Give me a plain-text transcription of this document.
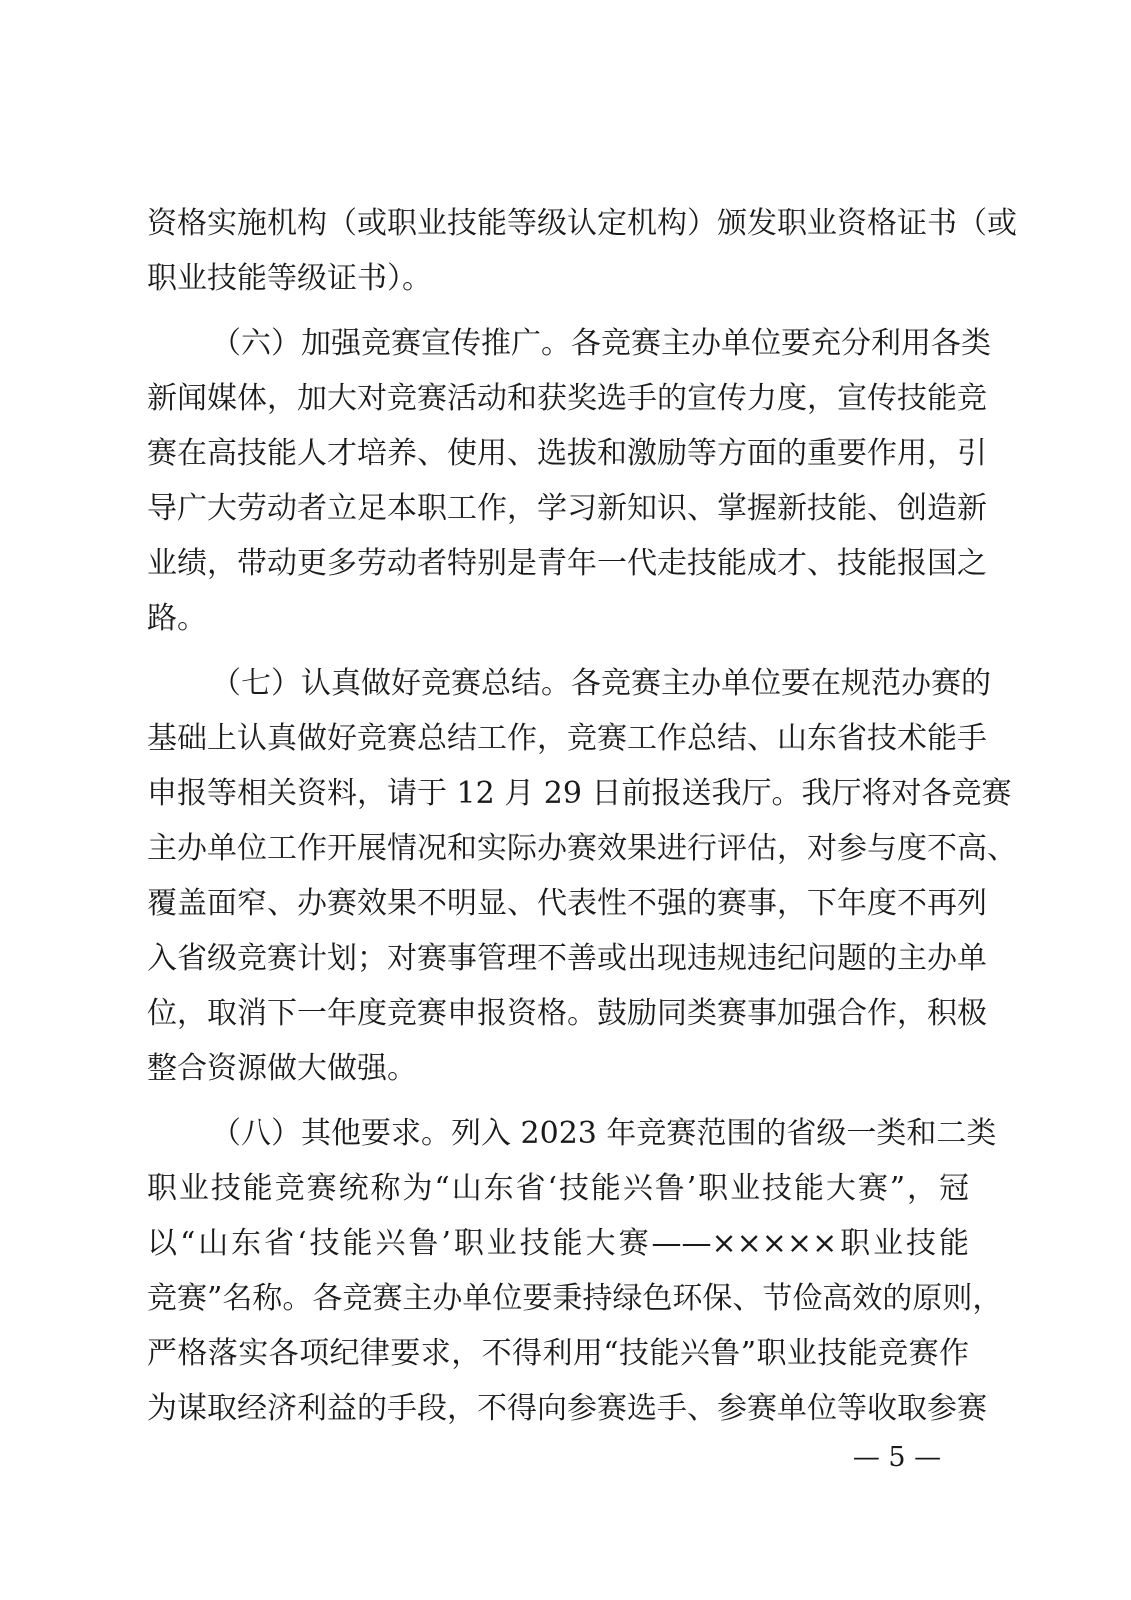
资格实施机构（或职业技能等级认定机构）颁发职业资格证书（或
职业技能等级证书）。
（六）加强竞赛宣传推广。各竞赛主办单位要充分利用各类
新闻媒体，加大对竞赛活动和获奖选手的宣传力度，宣传技能竞
赛在高技能人才培养、使用、选拔和激励等方面的重要作用，引
导广大劳动者立足本职工作，学习新知识、掌握新技能、创造新
业绩，带动更多劳动者特别是青年一代走技能成才、技能报国之
路。
（七）认真做好竞赛总结。各竞赛主办单位要在规范办赛的
基础上认真做好竞赛总结工作，竞赛工作总结、山东省技术能手
申报等相关资料，请于 12 月 29 日前报送我厅。我厅将对各竞赛
主办单位工作开展情况和实际办赛效果进行评估，对参与度不高、
覆盖面窄、办赛效果不明显、代表性不强的赛事，下年度不再列
入省级竞赛计划；对赛事管理不善或出现违规违纪问题的主办单
位，取消下一年度竞赛申报资格。鼓励同类赛事加强合作，积极
整合资源做大做强。
（八）其他要求。列入 2023 年竞赛范围的省级一类和二类
职业技能竞赛统称为“山东省‘技能兴鲁’职业技能大赛”，冠
以“山东省‘技能兴鲁’职业技能大赛——×××××职业技能
竞赛”名称。各竞赛主办单位要秉持绿色环保、节俭高效的原则，
严格落实各项纪律要求，不得利用“技能兴鲁”职业技能竞赛作
为谋取经济利益的手段，不得向参赛选手、参赛单位等收取参赛
— 5 —
